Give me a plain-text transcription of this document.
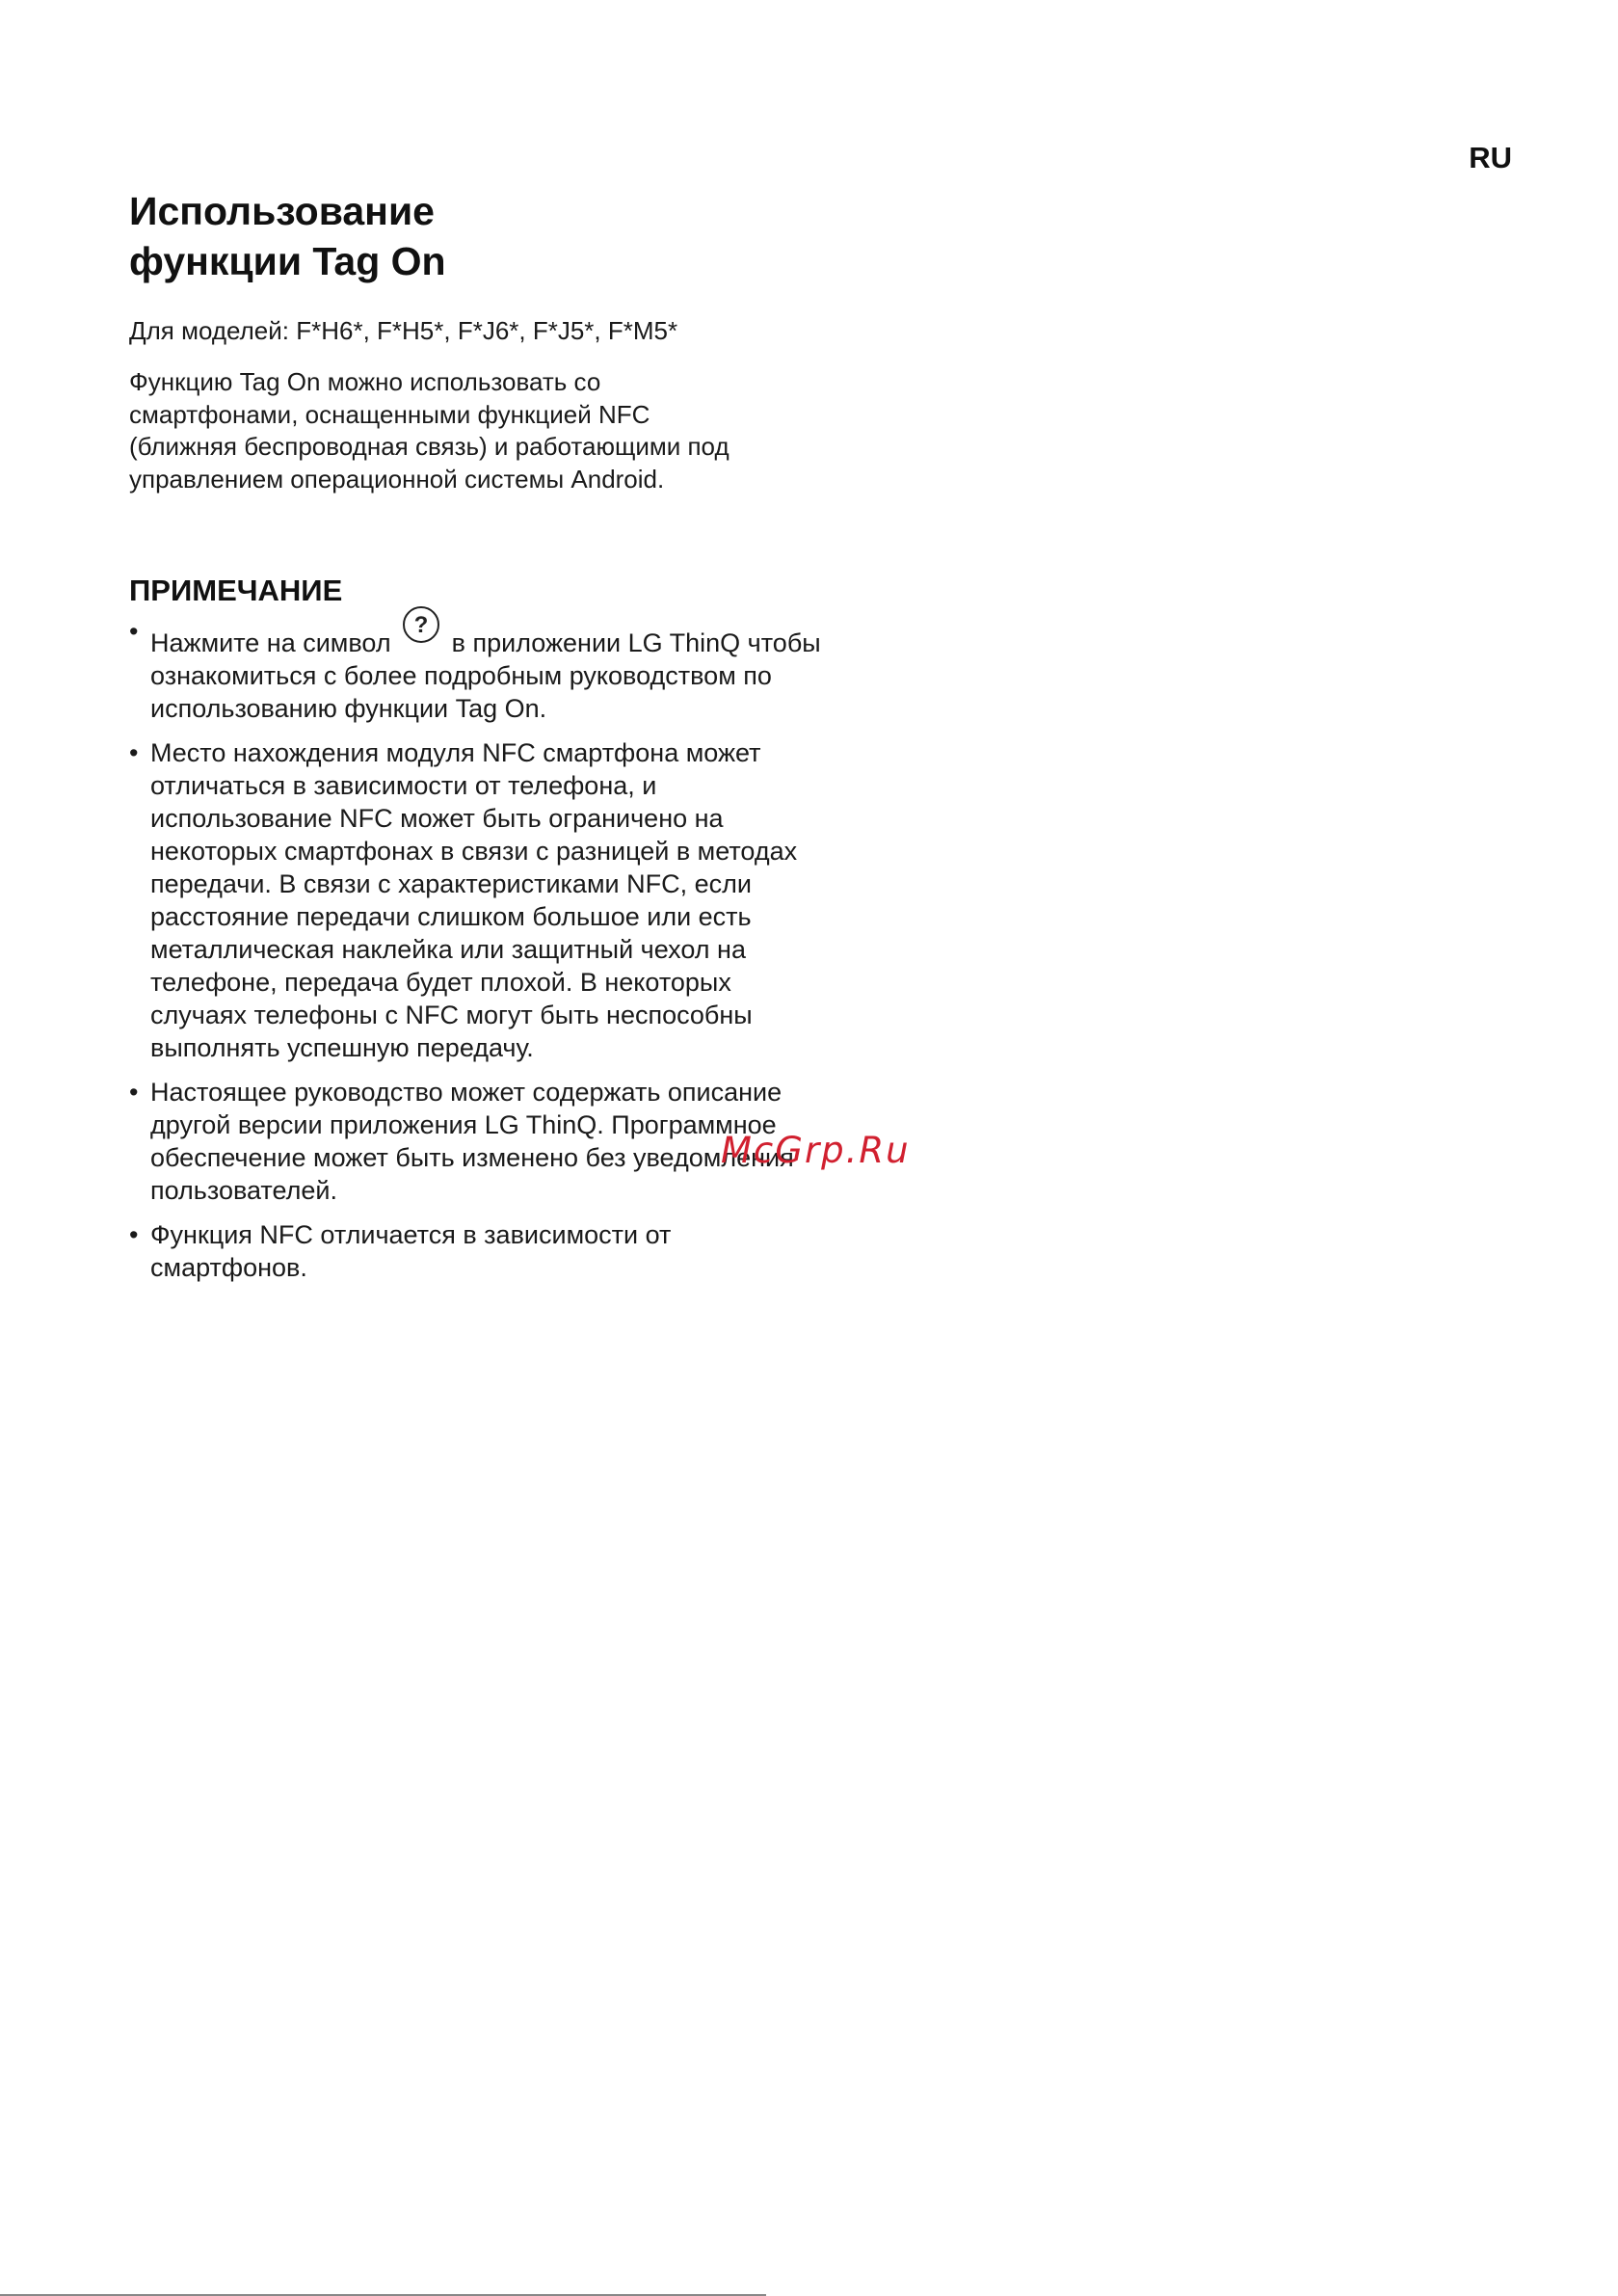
RU
Использование
функции Tag On

Для моделей: F*H6*, F*H5*, F*J6*, F*J5*, F*M5*

Функцию Tag On можно использовать со смартфонами, оснащенными функцией NFC (ближняя беспроводная связь) и работающими под управлением операционной системы Android.

ПРИМЕЧАНИЕ
• Нажмите на символ
?
в приложении LG ThinQ чтобы ознакомиться с более подробным руководством по использованию функции Tag On.
• Место нахождения модуля NFC смартфона может отличаться в зависимости от телефона, и использование NFC может быть ограничено на некоторых смартфонах в связи с разницей в методах передачи. В связи с характеристиками NFC, если расстояние передачи слишком большое или есть металлическая наклейка или защитный чехол на телефоне, передача будет плохой. В некоторых случаях телефоны с NFC могут быть неспособны выполнять успешную передачу.
• Настоящее руководство может содержать описание другой версии приложения LG ThinQ. Программное обеспечение может быть изменено без уведомления пользователей.
• Функция NFC отличается в зависимости от смартфонов.
McGrp.Ru
